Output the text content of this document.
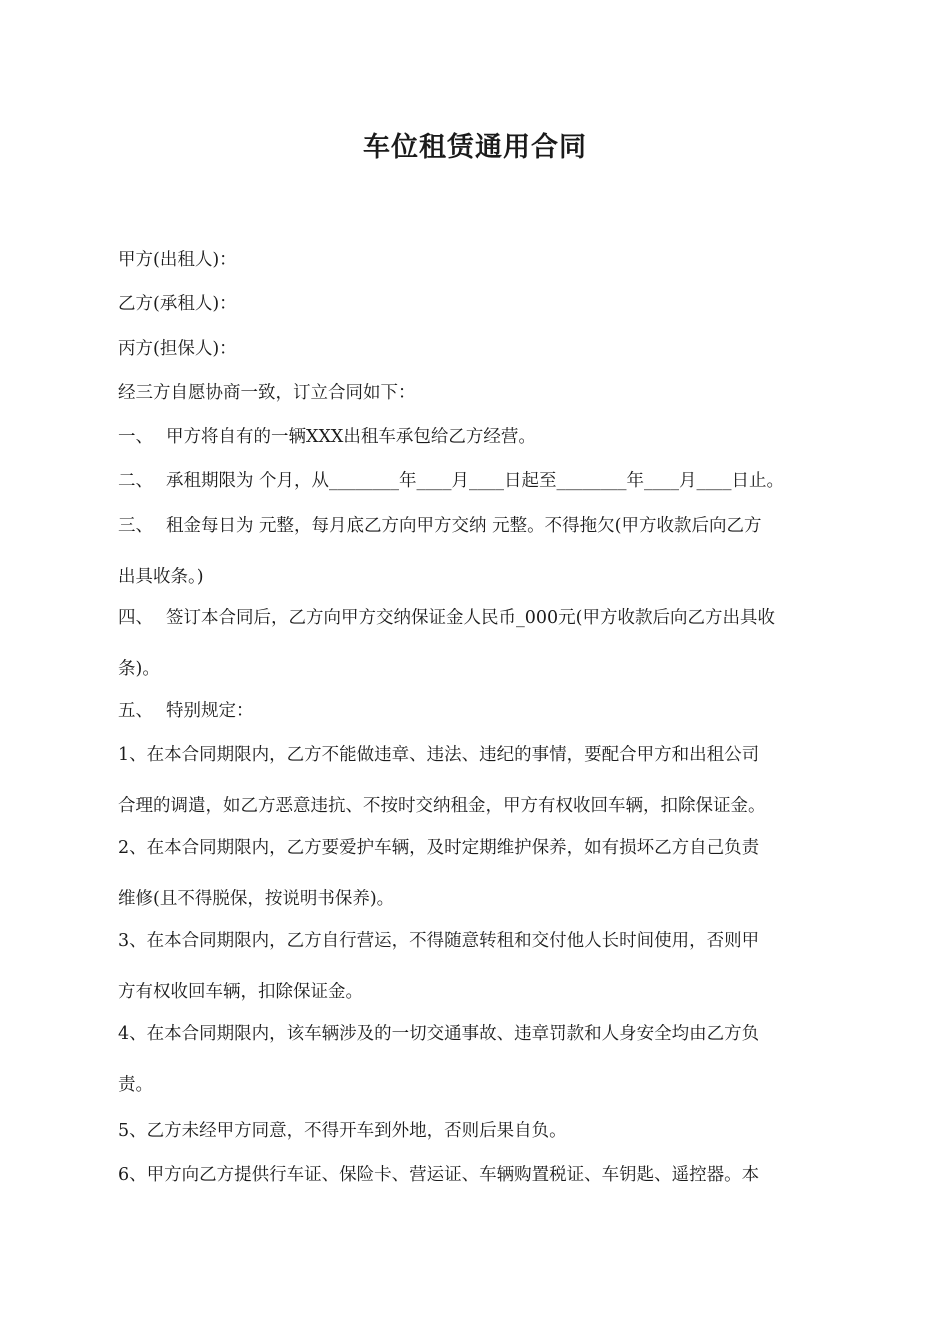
车位租赁通用合同
甲方(出租人)：
乙方(承租人)：
丙方(担保人)：
经三方自愿协商一致，订立合同如下：
一、 甲方将自有的一辆XXX出租车承包给乙方经营。
二、 承租期限为 个月，从________年____月____日起至________年____月____日止。
三、 租金每日为 元整，每月底乙方向甲方交纳 元整。不得拖欠(甲方收款后向乙方
出具收条。)
四、 签订本合同后，乙方向甲方交纳保证金人民币_000元(甲方收款后向乙方出具收
条)。
五、 特别规定：
1、在本合同期限内，乙方不能做违章、违法、违纪的事情，要配合甲方和出租公司
合理的调遣，如乙方恶意违抗、不按时交纳租金，甲方有权收回车辆，扣除保证金。
2、在本合同期限内，乙方要爱护车辆，及时定期维护保养，如有损坏乙方自己负责
维修(且不得脱保，按说明书保养)。
3、在本合同期限内，乙方自行营运，不得随意转租和交付他人长时间使用，否则甲
方有权收回车辆，扣除保证金。
4、在本合同期限内，该车辆涉及的一切交通事故、违章罚款和人身安全均由乙方负
责。
5、乙方未经甲方同意，不得开车到外地，否则后果自负。
6、甲方向乙方提供行车证、保险卡、营运证、车辆购置税证、车钥匙、遥控器。本
